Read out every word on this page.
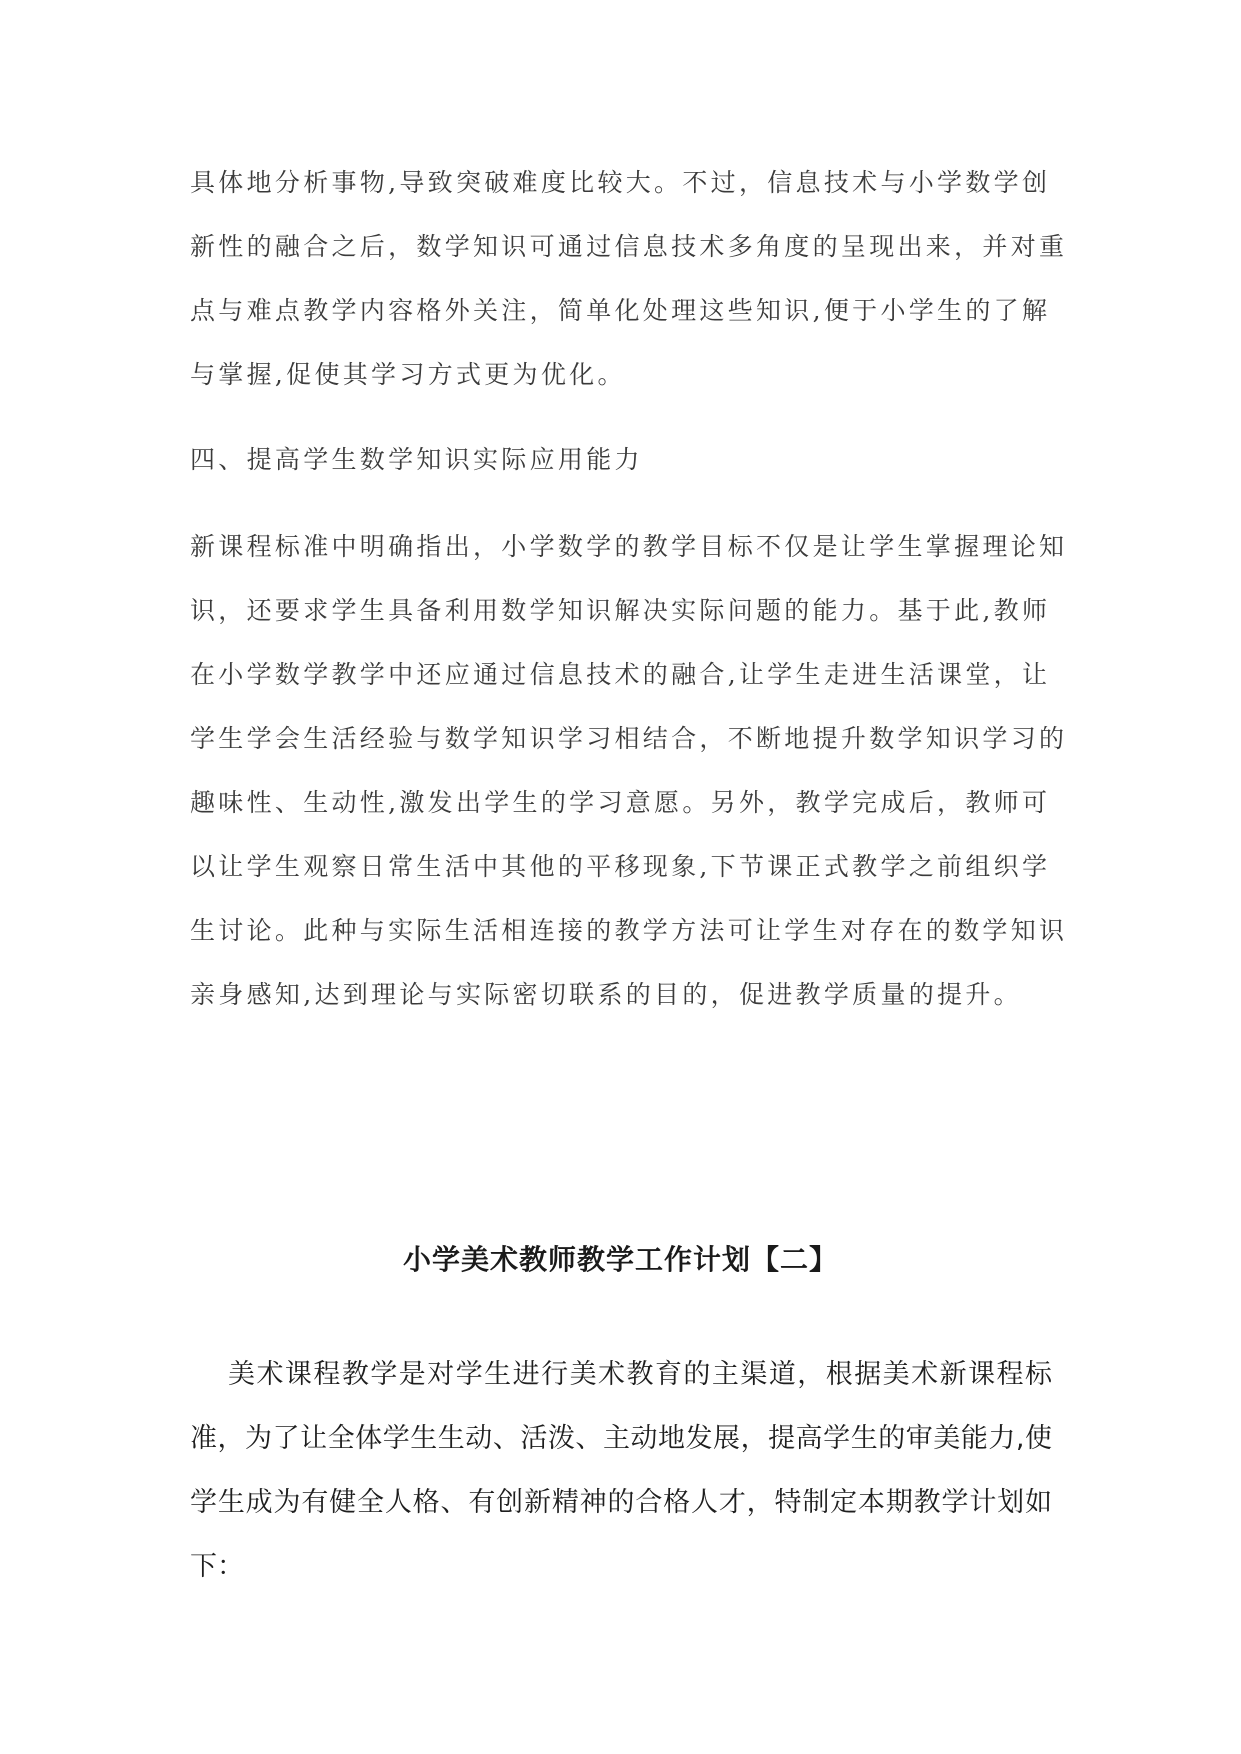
具体地分析事物,导致突破难度比较大。不过，信息技术与小学数学创
新性的融合之后，数学知识可通过信息技术多角度的呈现出来，并对重
点与难点教学内容格外关注，简单化处理这些知识,便于小学生的了解
与掌握,促使其学习方式更为优化。
四、提高学生数学知识实际应用能力
新课程标准中明确指出，小学数学的教学目标不仅是让学生掌握理论知
识，还要求学生具备利用数学知识解决实际问题的能力。基于此,教师
在小学数学教学中还应通过信息技术的融合,让学生走进生活课堂，让
学生学会生活经验与数学知识学习相结合，不断地提升数学知识学习的
趣味性、生动性,激发出学生的学习意愿。另外，教学完成后，教师可
以让学生观察日常生活中其他的平移现象,下节课正式教学之前组织学
生讨论。此种与实际生活相连接的教学方法可让学生对存在的数学知识
亲身感知,达到理论与实际密切联系的目的，促进教学质量的提升。
小学美术教师教学工作计划【二】
美术课程教学是对学生进行美术教育的主渠道，根据美术新课程标
准，为了让全体学生生动、活泼、主动地发展，提高学生的审美能力,使
学生成为有健全人格、有创新精神的合格人才，特制定本期教学计划如
下：
